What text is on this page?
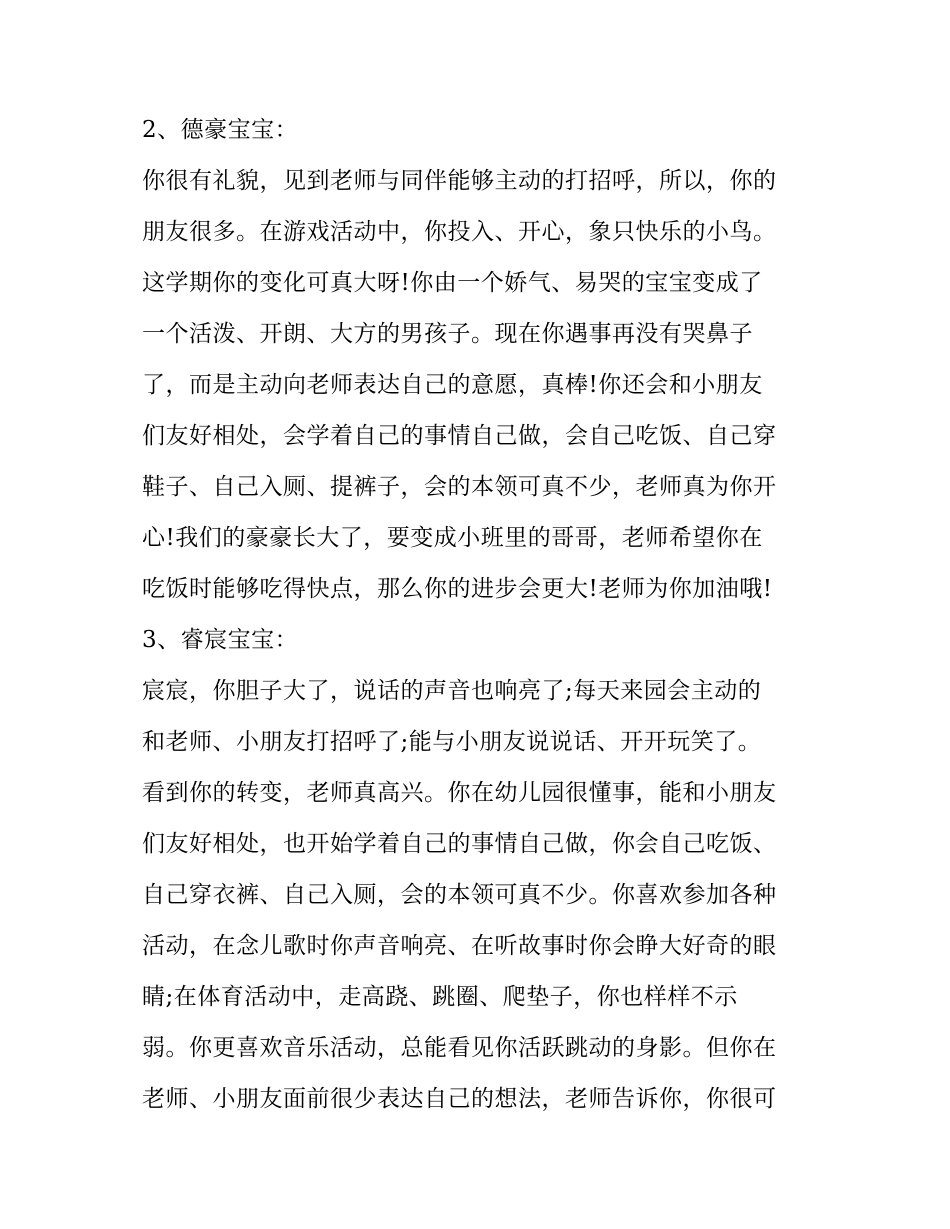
2、德豪宝宝：
你很有礼貌，见到老师与同伴能够主动的打招呼，所以，你的
朋友很多。在游戏活动中，你投入、开心，象只快乐的小鸟。
这学期你的变化可真大呀!你由一个娇气、易哭的宝宝变成了
一个活泼、开朗、大方的男孩子。现在你遇事再没有哭鼻子
了，而是主动向老师表达自己的意愿，真棒!你还会和小朋友
们友好相处，会学着自己的事情自己做，会自己吃饭、自己穿
鞋子、自己入厕、提裤子，会的本领可真不少，老师真为你开
心!我们的豪豪长大了，要变成小班里的哥哥，老师希望你在
吃饭时能够吃得快点，那么你的进步会更大!老师为你加油哦!
3、睿宸宝宝：
宸宸，你胆子大了，说话的声音也响亮了;每天来园会主动的
和老师、小朋友打招呼了;能与小朋友说说话、开开玩笑了。
看到你的转变，老师真高兴。你在幼儿园很懂事，能和小朋友
们友好相处，也开始学着自己的事情自己做，你会自己吃饭、
自己穿衣裤、自己入厕，会的本领可真不少。你喜欢参加各种
活动，在念儿歌时你声音响亮、在听故事时你会睁大好奇的眼
睛;在体育活动中，走高跷、跳圈、爬垫子，你也样样不示
弱。你更喜欢音乐活动，总能看见你活跃跳动的身影。但你在
老师、小朋友面前很少表达自己的想法，老师告诉你，你很可
